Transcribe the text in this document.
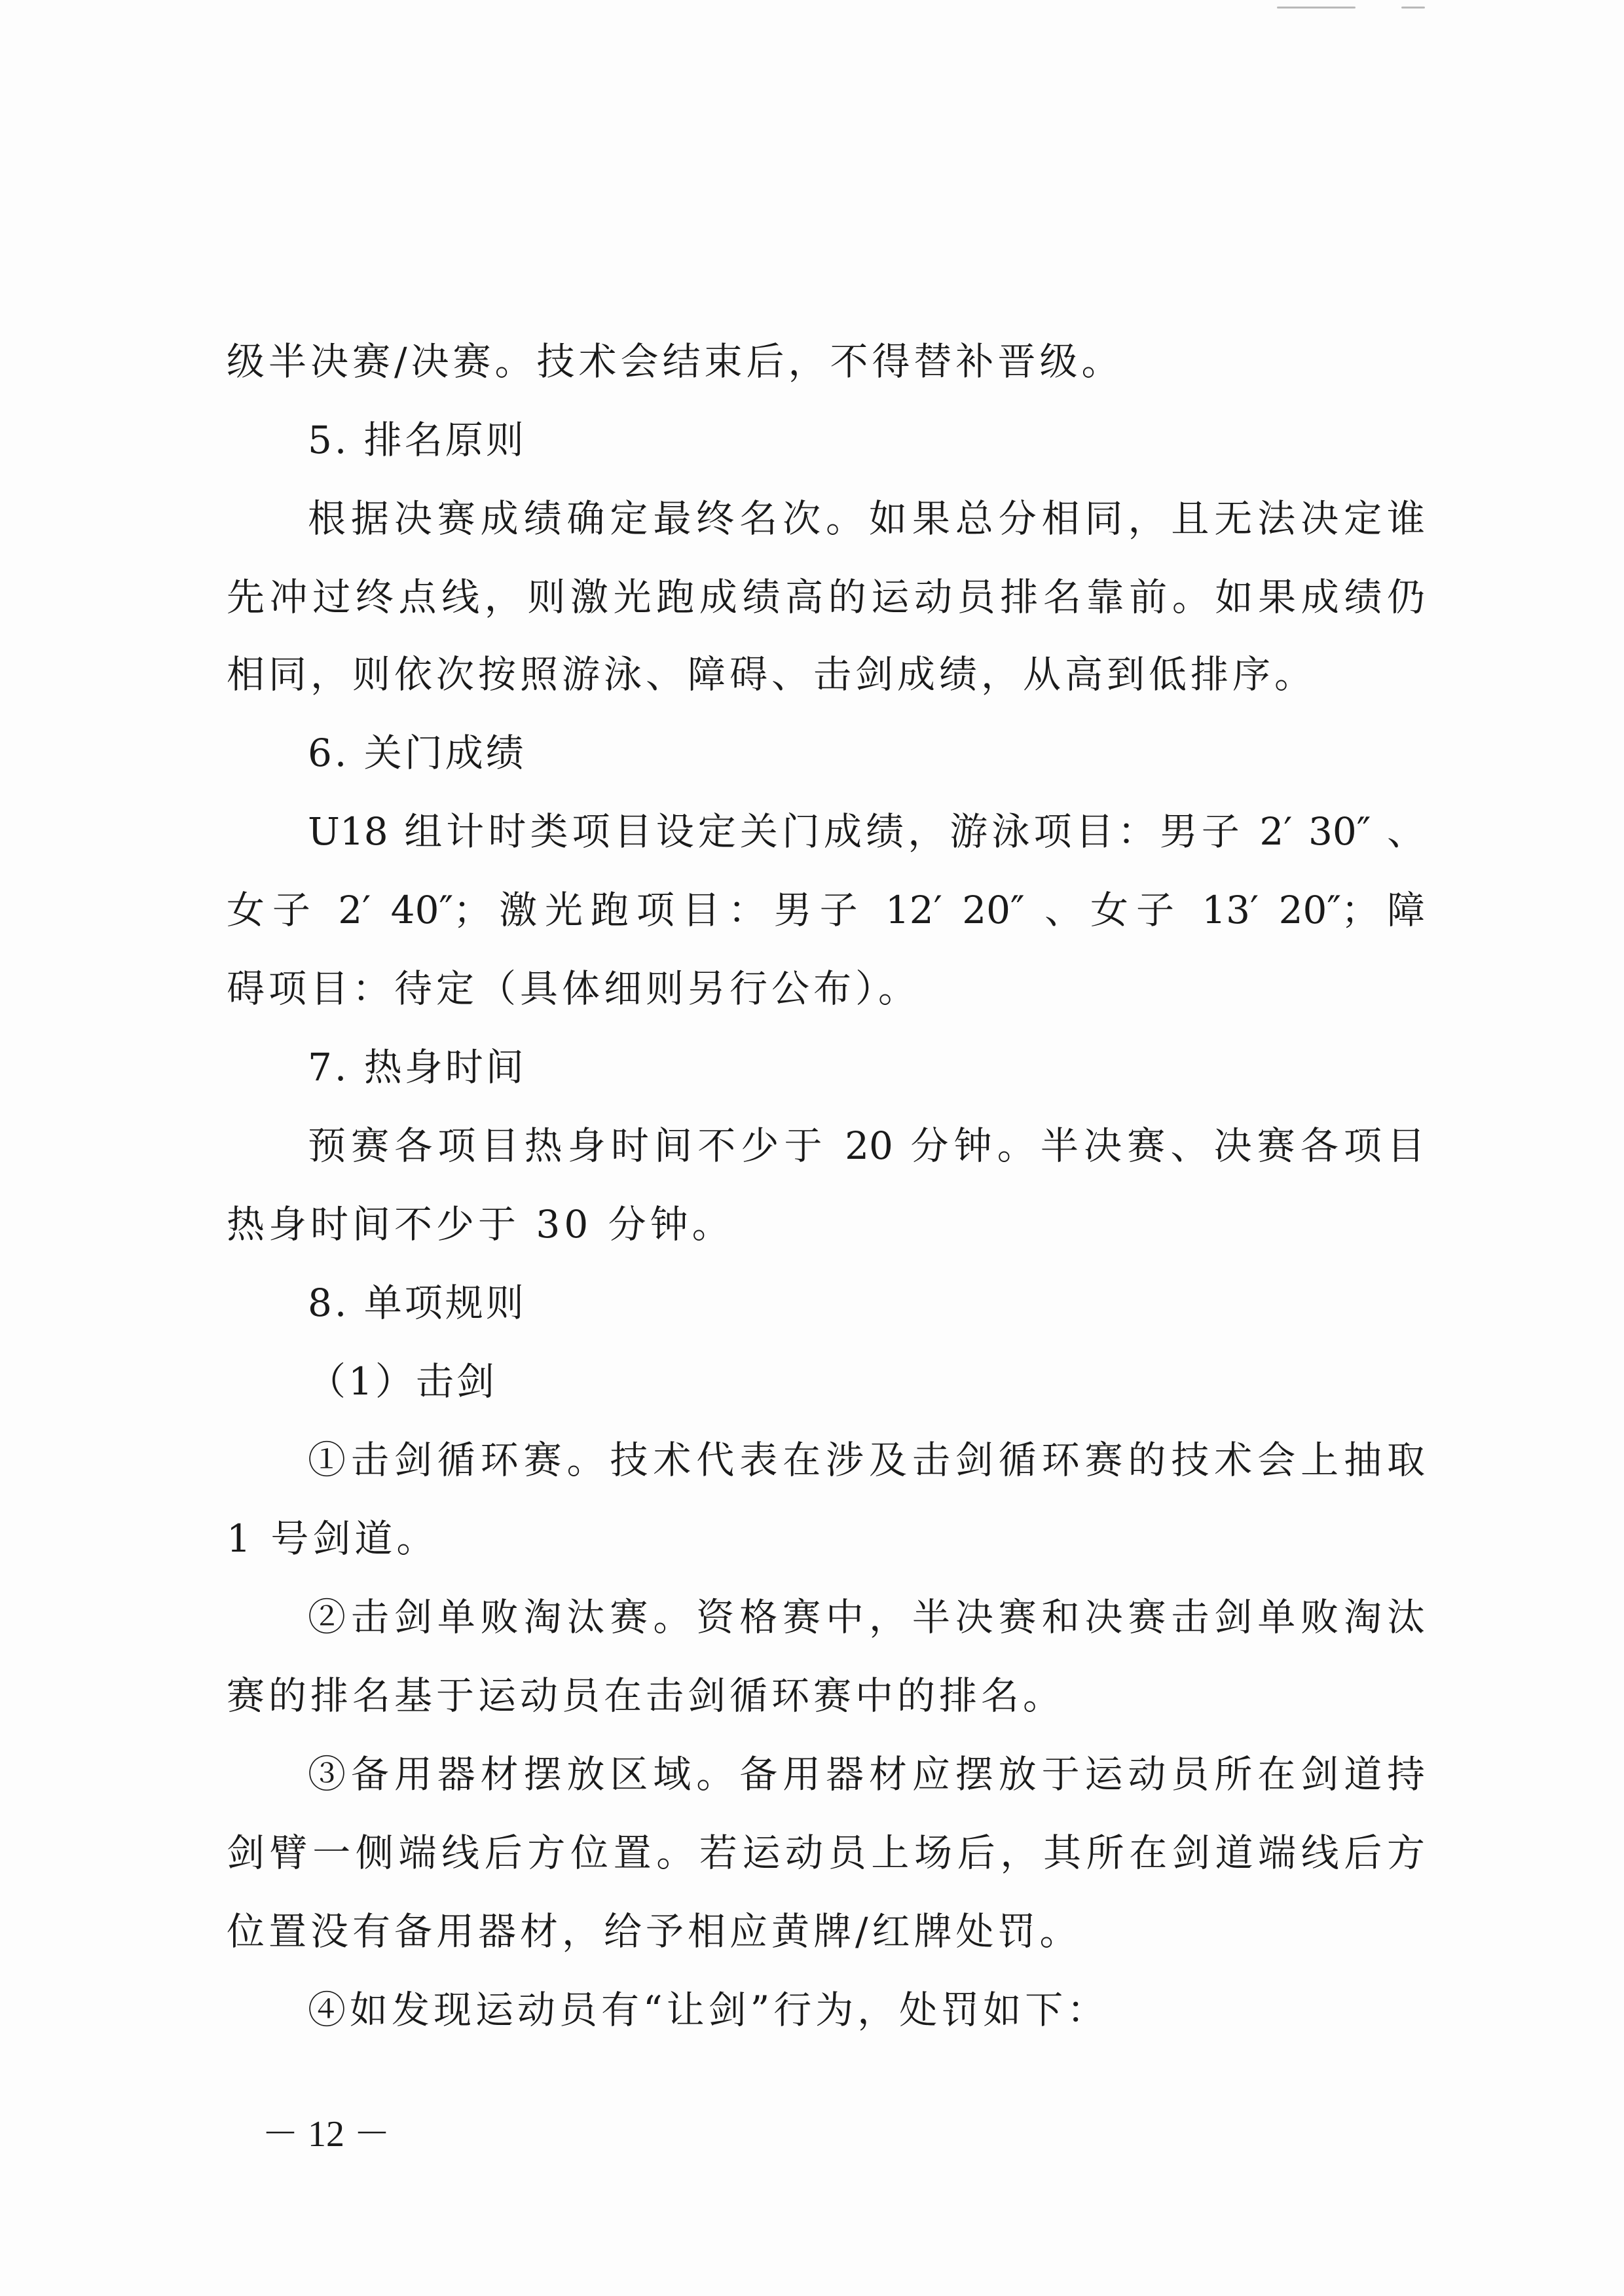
级半决赛/决赛。技术会结束后，不得替补晋级。
5. 排名原则
根据决赛成绩确定最终名次。如果总分相同，且无法决定谁
先冲过终点线，则激光跑成绩高的运动员排名靠前。如果成绩仍
相同，则依次按照游泳、障碍、击剑成绩，从高到低排序。
6. 关门成绩
U18 组计时类项目设定关门成绩，游泳项目：男子 2′ 30″ 、
女子 2′ 40″；激光跑项目：男子 12′ 20″ 、女子 13′ 20″；障
碍项目：待定（具体细则另行公布）。
7. 热身时间
预赛各项目热身时间不少于 20 分钟。半决赛、决赛各项目
热身时间不少于 30 分钟。
8. 单项规则
（1）击剑
①击剑循环赛。技术代表在涉及击剑循环赛的技术会上抽取
1 号剑道。
②击剑单败淘汰赛。资格赛中，半决赛和决赛击剑单败淘汰
赛的排名基于运动员在击剑循环赛中的排名。
③备用器材摆放区域。备用器材应摆放于运动员所在剑道持
剑臂一侧端线后方位置。若运动员上场后，其所在剑道端线后方
位置没有备用器材，给予相应黄牌/红牌处罚。
④如发现运动员有“让剑”行为，处罚如下：
－ 12 －
